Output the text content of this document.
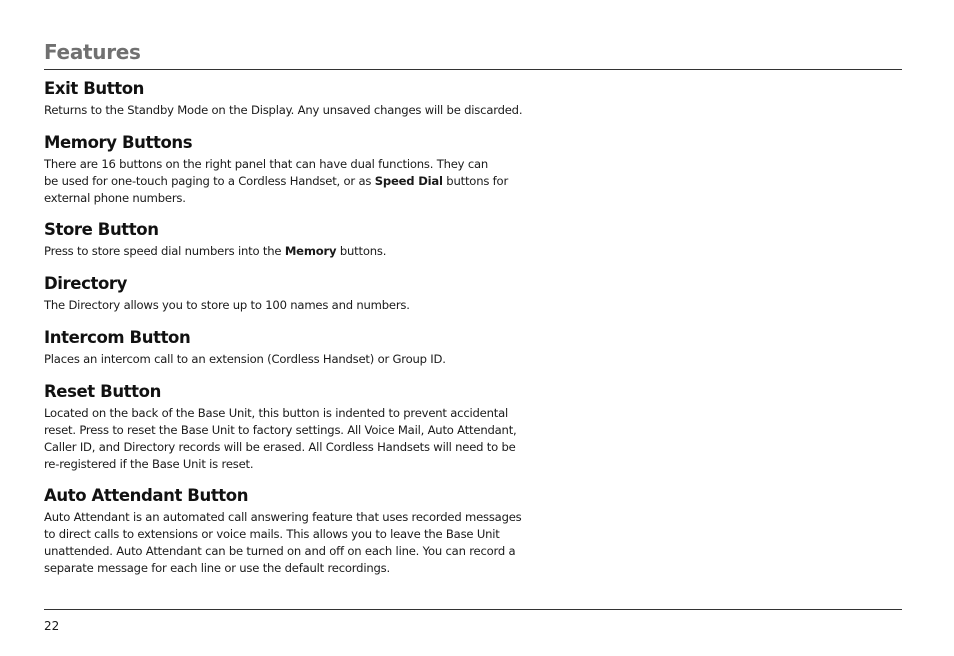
Features
Exit Button

Returns to the Standby Mode on the Display. Any unsaved changes will be discarded.

Memory Buttons

There are 16 buttons on the right panel that can have dual functions. They can
be used for one-touch paging to a Cordless Handset, or as Speed Dial buttons for
external phone numbers.

Store Button

Press to store speed dial numbers into the Memory buttons.

Directory

The Directory allows you to store up to 100 names and numbers.

Intercom Button

Places an intercom call to an extension (Cordless Handset) or Group ID.

Reset Button

Located on the back of the Base Unit, this button is indented to prevent accidental
reset. Press to reset the Base Unit to factory settings. All Voice Mail, Auto Attendant,
Caller ID, and Directory records will be erased. All Cordless Handsets will need to be
re-registered if the Base Unit is reset.

Auto Attendant Button

Auto Attendant is an automated call answering feature that uses recorded messages
to direct calls to extensions or voice mails. This allows you to leave the Base Unit
unattended. Auto Attendant can be turned on and off on each line. You can record a
separate message for each line or use the default recordings.

22
